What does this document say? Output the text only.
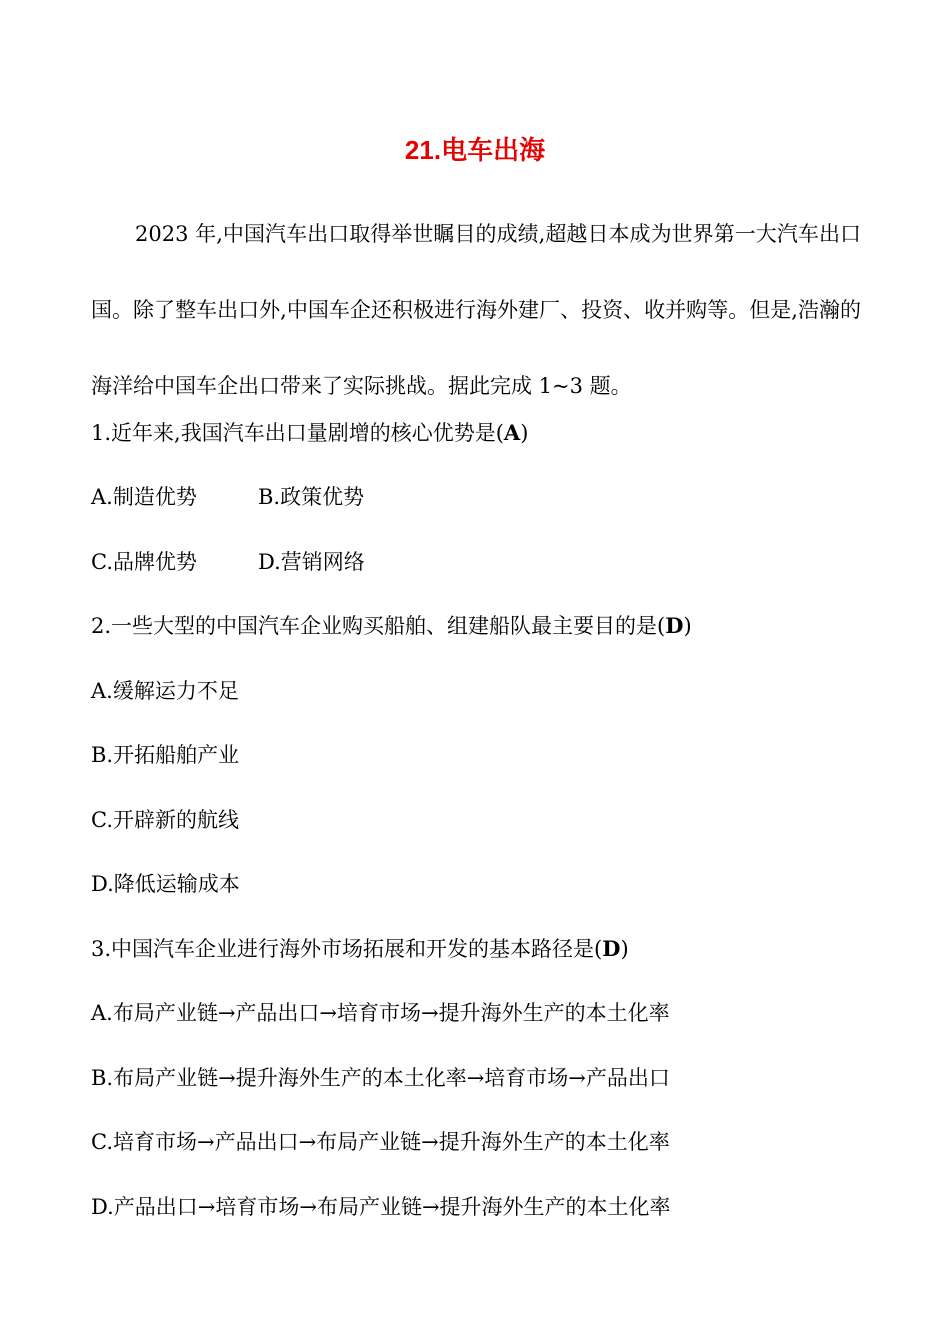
21.电车出海
2023 年,中国汽车出口取得举世瞩目的成绩,超越日本成为世界第一大汽车出口国。除了整车出口外,中国车企还积极进行海外建厂、投资、收并购等。但是,浩瀚的海洋给中国车企出口带来了实际挑战。据此完成 1~3 题。
1.近年来,我国汽车出口量剧增的核心优势是(A)
A.制造优势	B.政策优势
C.品牌优势	D.营销网络
2.一些大型的中国汽车企业购买船舶、组建船队最主要目的是(D)
A.缓解运力不足
B.开拓船舶产业
C.开辟新的航线
D.降低运输成本
3.中国汽车企业进行海外市场拓展和开发的基本路径是(D)
A.布局产业链→产品出口→培育市场→提升海外生产的本土化率
B.布局产业链→提升海外生产的本土化率→培育市场→产品出口
C.培育市场→产品出口→布局产业链→提升海外生产的本土化率
D.产品出口→培育市场→布局产业链→提升海外生产的本土化率
